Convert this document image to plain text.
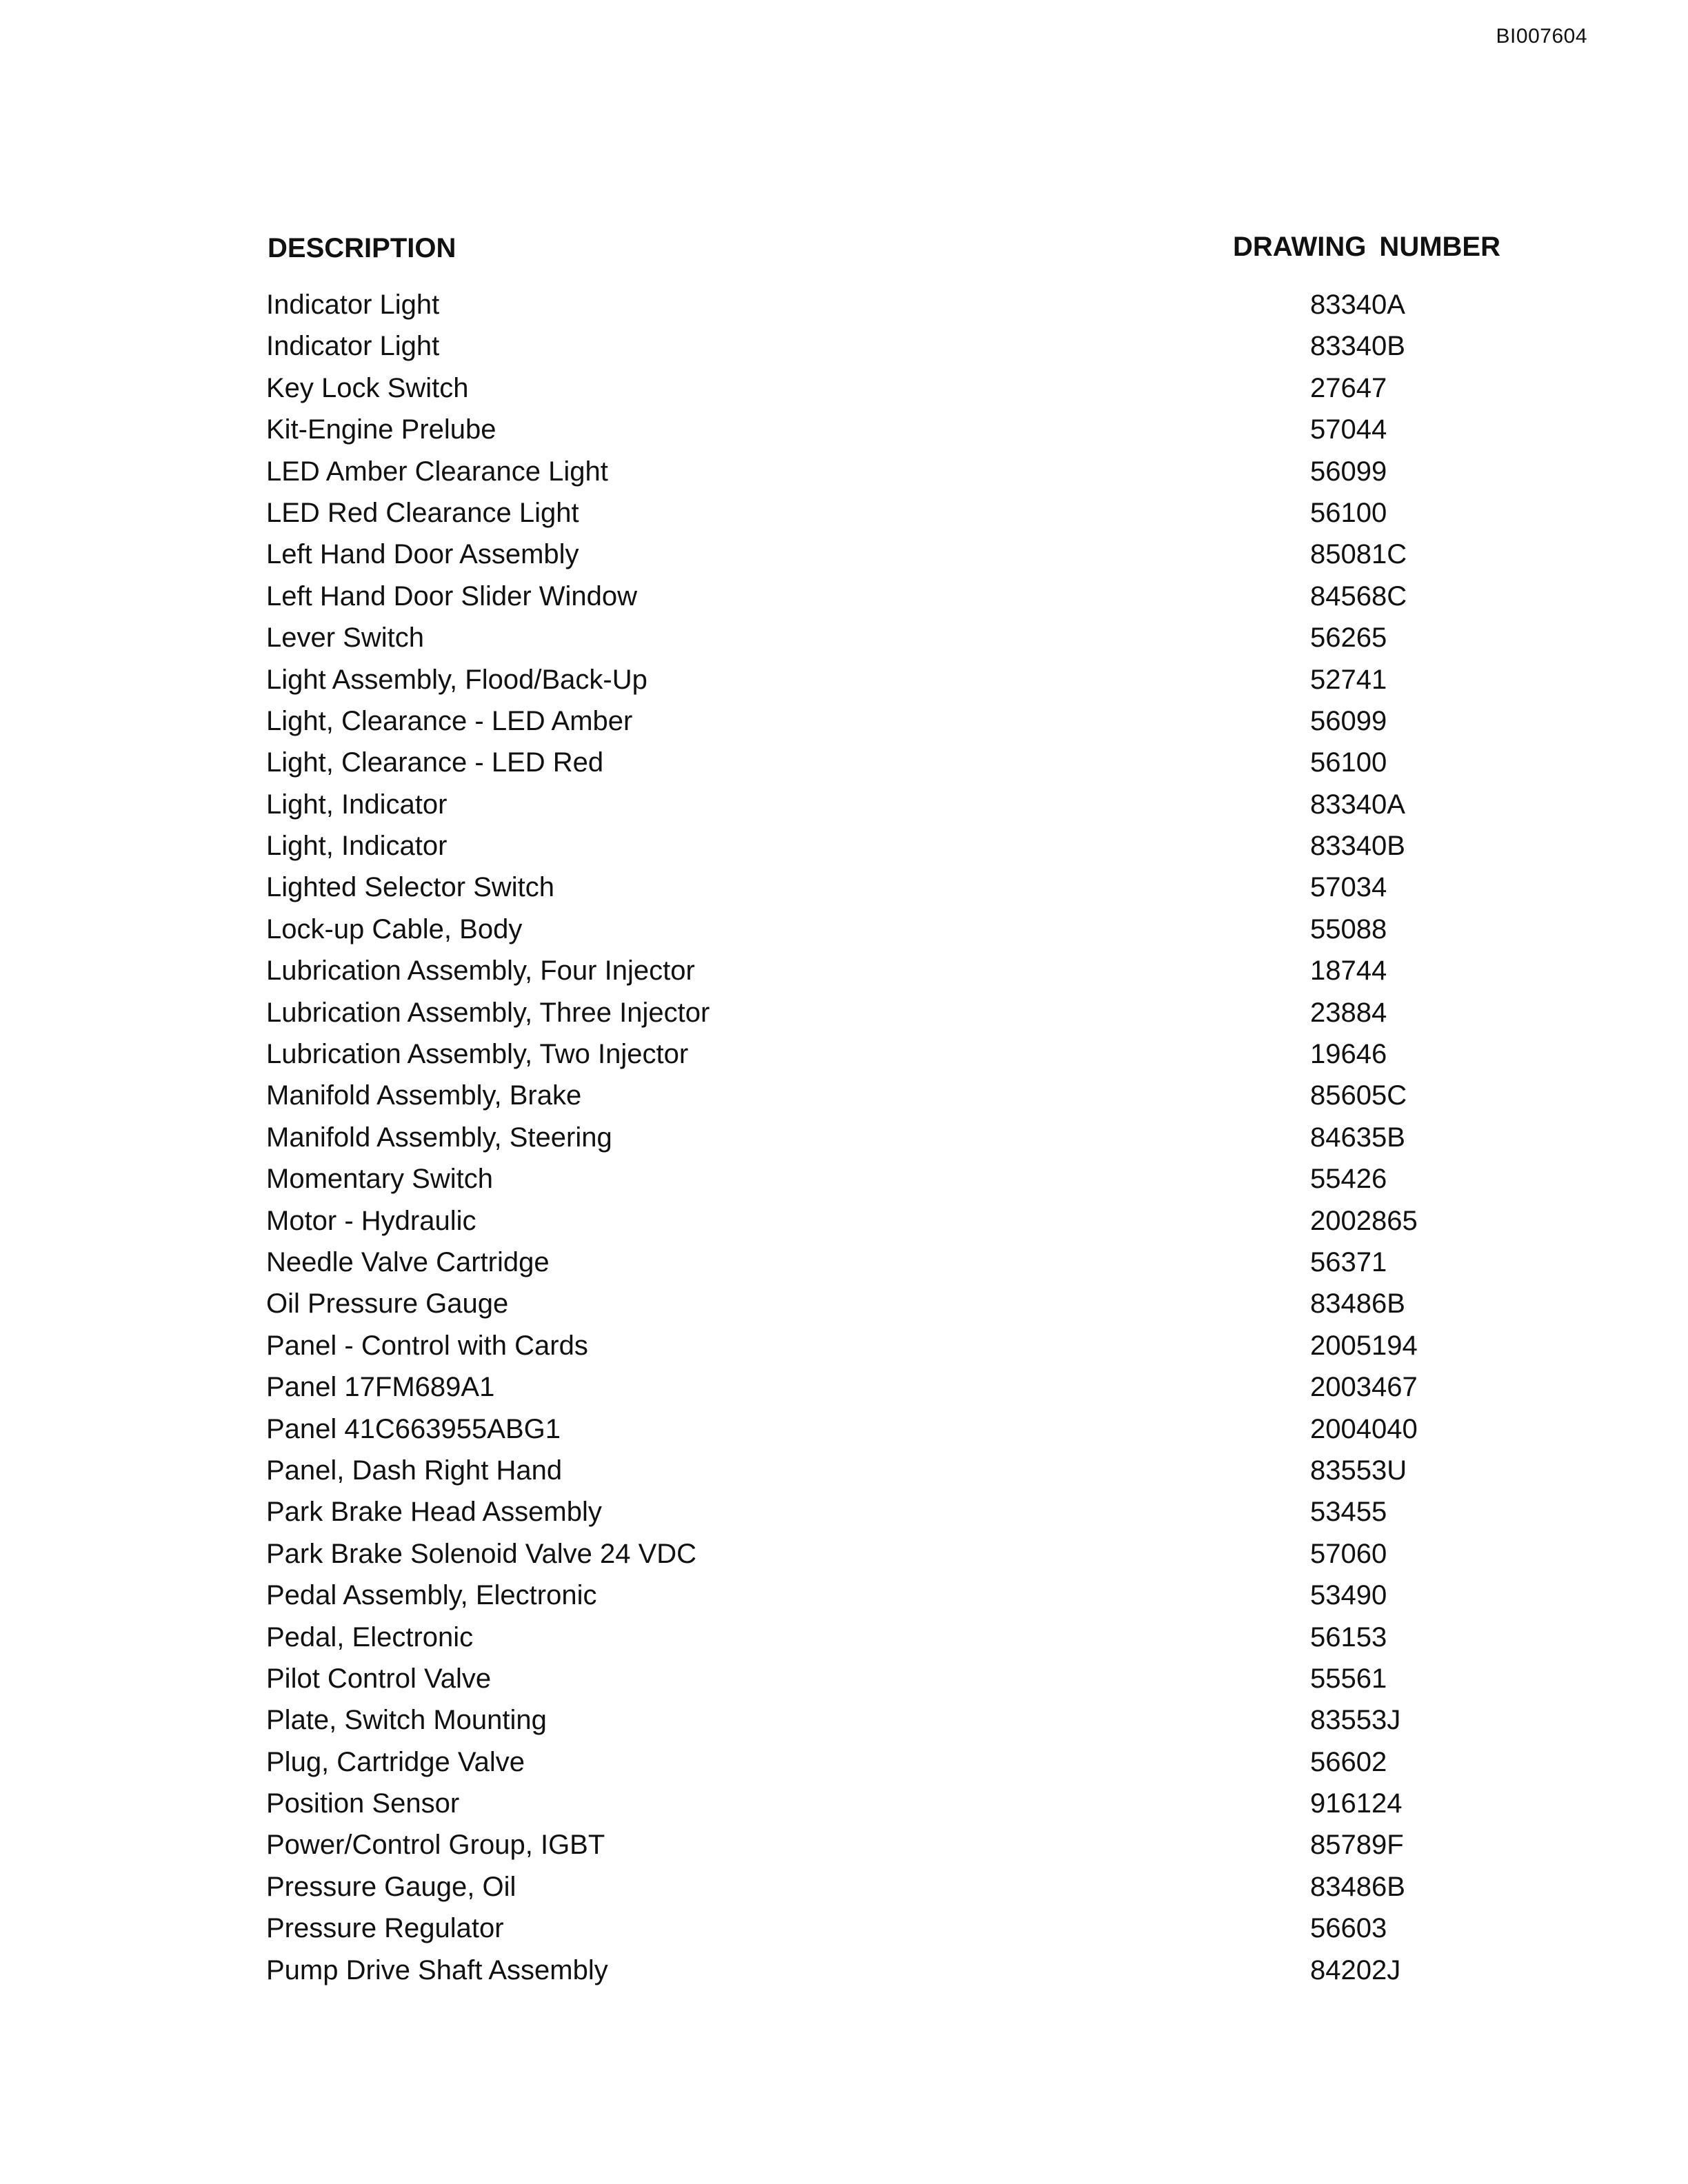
BI007604
DESCRIPTION	DRAWING NUMBER
Indicator Light	83340A
Indicator Light	83340B
Key Lock Switch	27647
Kit-Engine Prelube	57044
LED Amber Clearance Light	56099
LED Red Clearance Light	56100
Left Hand Door Assembly	85081C
Left Hand Door Slider Window	84568C
Lever Switch	56265
Light Assembly, Flood/Back-Up	52741
Light, Clearance - LED Amber	56099
Light, Clearance - LED Red	56100
Light, Indicator	83340A
Light, Indicator	83340B
Lighted Selector Switch	57034
Lock-up Cable, Body	55088
Lubrication Assembly, Four Injector	18744
Lubrication Assembly, Three Injector	23884
Lubrication Assembly, Two Injector	19646
Manifold Assembly, Brake	85605C
Manifold Assembly, Steering	84635B
Momentary Switch	55426
Motor - Hydraulic	2002865
Needle Valve Cartridge	56371
Oil Pressure Gauge	83486B
Panel - Control with Cards	2005194
Panel 17FM689A1	2003467
Panel 41C663955ABG1	2004040
Panel, Dash Right Hand	83553U
Park Brake Head Assembly	53455
Park Brake Solenoid Valve 24 VDC	57060
Pedal Assembly, Electronic	53490
Pedal, Electronic	56153
Pilot Control Valve	55561
Plate, Switch Mounting	83553J
Plug, Cartridge Valve	56602
Position Sensor	916124
Power/Control Group, IGBT	85789F
Pressure Gauge, Oil	83486B
Pressure Regulator	56603
Pump Drive Shaft Assembly	84202J
